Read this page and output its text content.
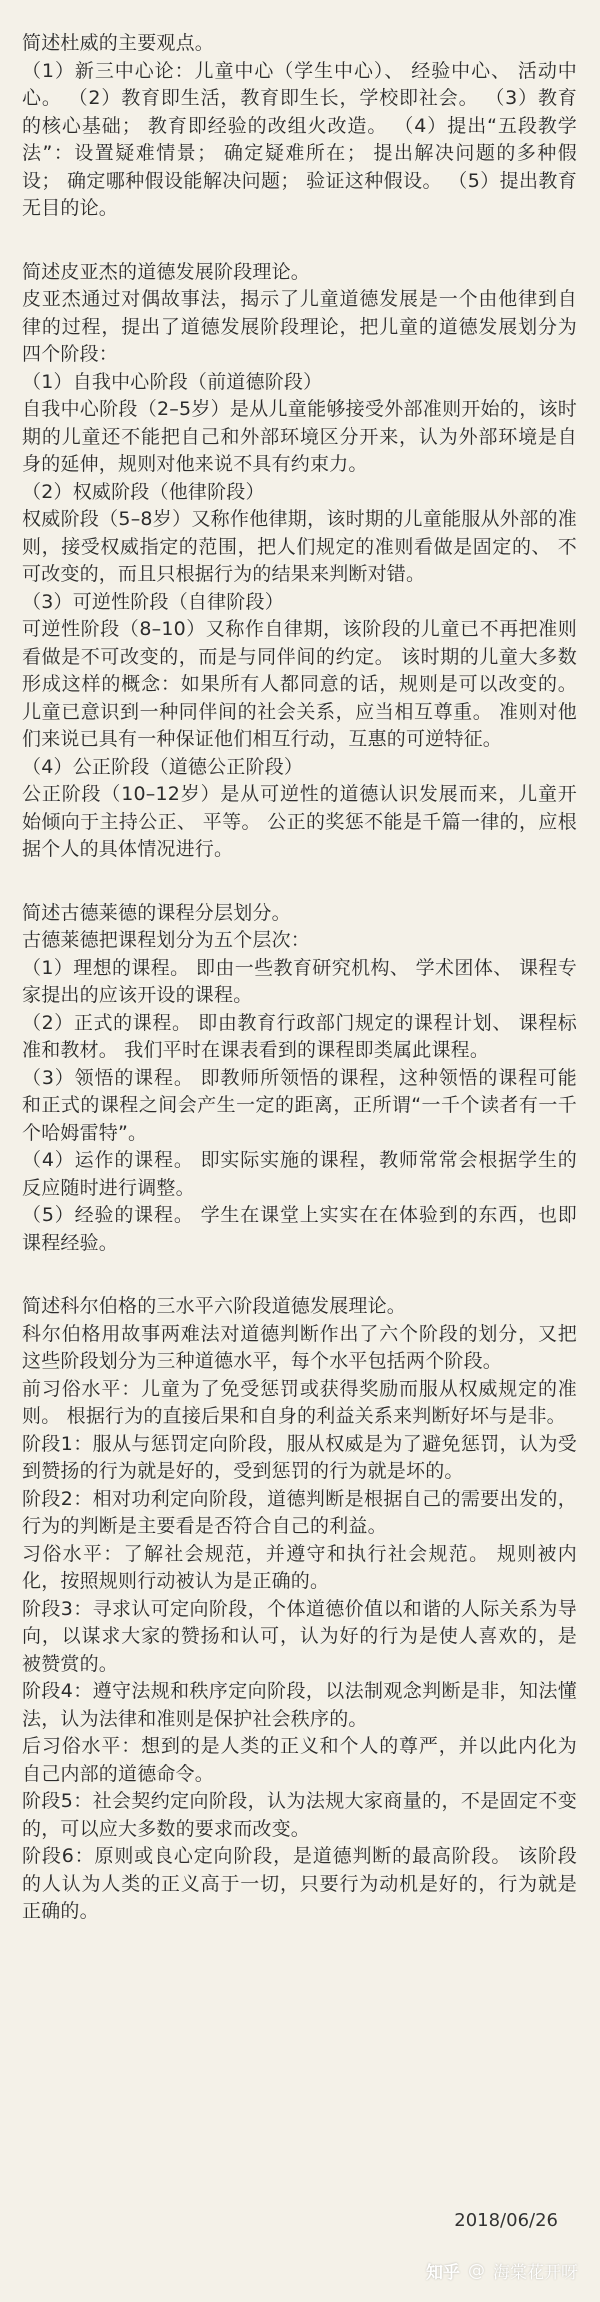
简述杜威的主要观点。

（1）新三中心论：儿童中心（学生中心）、 经验中心、 活动中心。 （2）教育即生活，教育即生长，学校即社会。 （3）教育的核心基础； 教育即经验的改组火改造。 （4）提出“五段教学法”：设置疑难情景； 确定疑难所在； 提出解决问题的多种假设； 确定哪种假设能解决问题； 验证这种假设。 （5）提出教育无目的论。

简述皮亚杰的道德发展阶段理论。

皮亚杰通过对偶故事法，揭示了儿童道德发展是一个由他律到自律的过程，提出了道德发展阶段理论，把儿童的道德发展划分为四个阶段：

（1）自我中心阶段（前道德阶段）

自我中心阶段（2–5岁）是从儿童能够接受外部准则开始的，该时期的儿童还不能把自己和外部环境区分开来，认为外部环境是自身的延伸，规则对他来说不具有约束力。

（2）权威阶段（他律阶段）

权威阶段（5–8岁）又称作他律期，该时期的儿童能服从外部的准则，接受权威指定的范围，把人们规定的准则看做是固定的、 不可改变的，而且只根据行为的结果来判断对错。

（3）可逆性阶段（自律阶段）

可逆性阶段（8–10）又称作自律期，该阶段的儿童已不再把准则看做是不可改变的，而是与同伴间的约定。 该时期的儿童大多数形成这样的概念：如果所有人都同意的话，规则是可以改变的。 儿童已意识到一种同伴间的社会关系，应当相互尊重。 准则对他们来说已具有一种保证他们相互行动，互惠的可逆特征。

（4）公正阶段（道德公正阶段）

公正阶段（10–12岁）是从可逆性的道德认识发展而来，儿童开始倾向于主持公正、 平等。 公正的奖惩不能是千篇一律的，应根据个人的具体情况进行。

简述古德莱德的课程分层划分。

古德莱德把课程划分为五个层次：

（1）理想的课程。 即由一些教育研究机构、 学术团体、 课程专家提出的应该开设的课程。

（2）正式的课程。 即由教育行政部门规定的课程计划、 课程标准和教材。 我们平时在课表看到的课程即类属此课程。

（3）领悟的课程。 即教师所领悟的课程，这种领悟的课程可能和正式的课程之间会产生一定的距离，正所谓“一千个读者有一千个哈姆雷特”。

（4）运作的课程。 即实际实施的课程，教师常常会根据学生的反应随时进行调整。

（5）经验的课程。 学生在课堂上实实在在体验到的东西，也即课程经验。

简述科尔伯格的三水平六阶段道德发展理论。

科尔伯格用故事两难法对道德判断作出了六个阶段的划分，又把这些阶段划分为三种道德水平，每个水平包括两个阶段。

前习俗水平：儿童为了免受惩罚或获得奖励而服从权威规定的准则。 根据行为的直接后果和自身的利益关系来判断好坏与是非。

阶段1：服从与惩罚定向阶段，服从权威是为了避免惩罚，认为受到赞扬的行为就是好的，受到惩罚的行为就是坏的。

阶段2：相对功利定向阶段，道德判断是根据自己的需要出发的，行为的判断是主要看是否符合自己的利益。

习俗水平：了解社会规范，并遵守和执行社会规范。 规则被内化，按照规则行动被认为是正确的。

阶段3：寻求认可定向阶段，个体道德价值以和谐的人际关系为导向，以谋求大家的赞扬和认可，认为好的行为是使人喜欢的，是被赞赏的。

阶段4：遵守法规和秩序定向阶段，以法制观念判断是非，知法懂法，认为法律和准则是保护社会秩序的。

后习俗水平：想到的是人类的正义和个人的尊严，并以此内化为自己内部的道德命令。

阶段5：社会契约定向阶段，认为法规大家商量的，不是固定不变的，可以应大多数的要求而改变。

阶段6：原则或良心定向阶段，是道德判断的最高阶段。 该阶段的人认为人类的正义高于一切，只要行为动机是好的，行为就是正确的。

2018/06/26
知乎 @ 海棠花开呀
